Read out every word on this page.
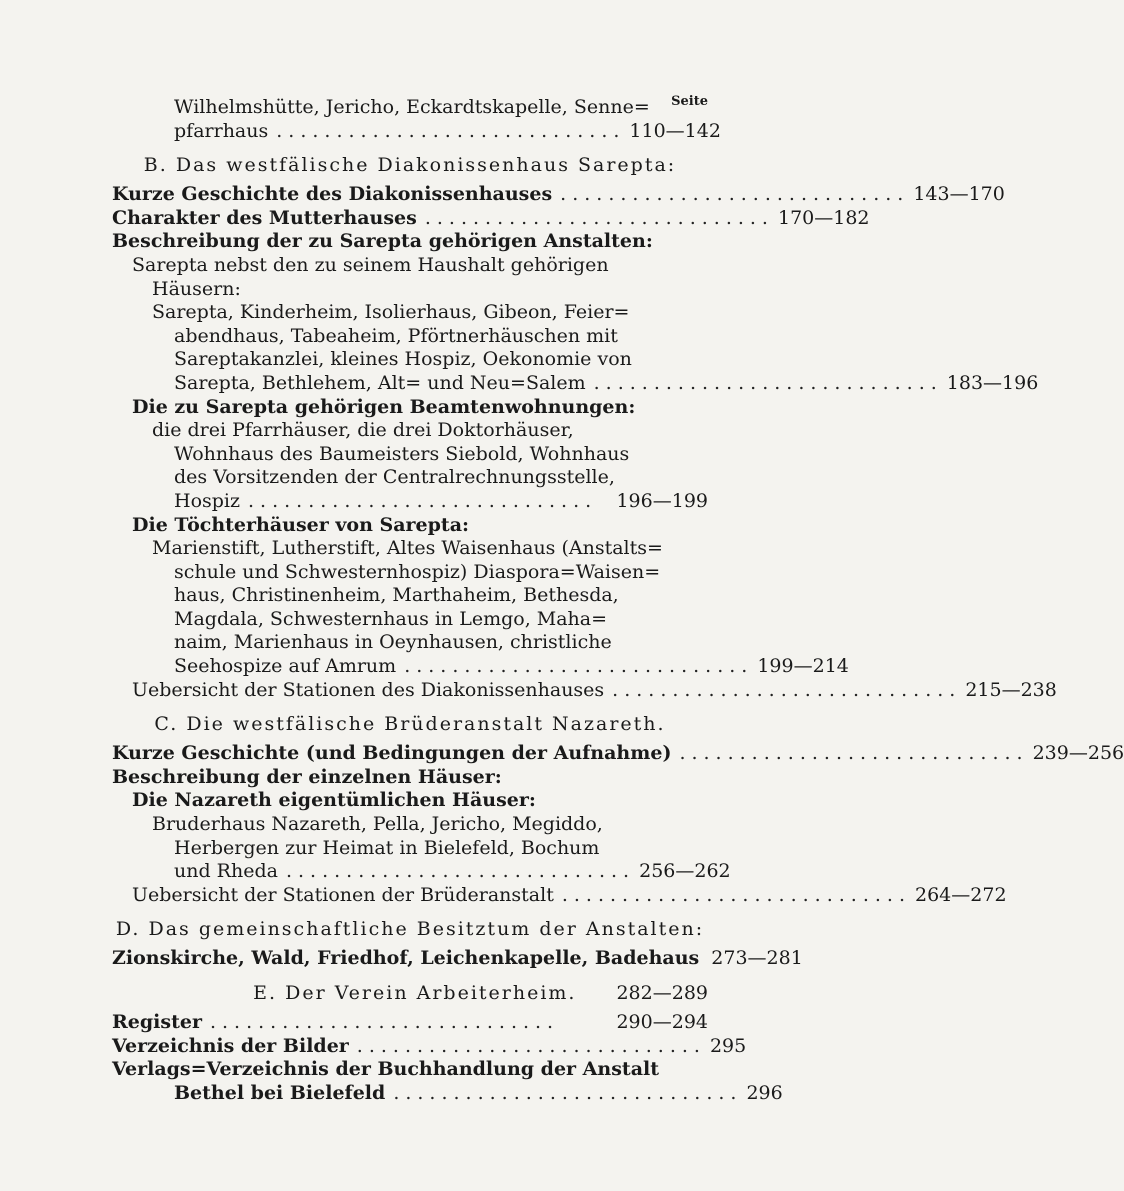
Seite
Wilhelmshütte, Jericho, Eckardtskapelle, Senne=
pfarrhaus ............................. 110—142
B. Das westfälische Diakonissenhaus Sarepta:
Kurze Geschichte des Diakonissenhauses ............................. 143—170
Charakter des Mutterhauses ............................. 170—182
Beschreibung der zu Sarepta gehörigen Anstalten:
Sarepta nebst den zu seinem Haushalt gehörigen
Häusern:
Sarepta, Kinderheim, Isolierhaus, Gibeon, Feier=
abendhaus, Tabeaheim, Pförtnerhäuschen mit
Sareptakanzlei, kleines Hospiz, Oekonomie von
Sarepta, Bethlehem, Alt= und Neu=Salem ............................. 183—196
Die zu Sarepta gehörigen Beamtenwohnungen:
die drei Pfarrhäuser, die drei Doktorhäuser,
Wohnhaus des Baumeisters Siebold, Wohnhaus
des Vorsitzenden der Centralrechnungsstelle,
Hospiz .............................	196—199
Die Töchterhäuser von Sarepta:
Marienstift, Lutherstift, Altes Waisenhaus (Anstalts=
schule und Schwesternhospiz) Diaspora=Waisen=
haus, Christinenheim, Marthaheim, Bethesda,
Magdala, Schwesternhaus in Lemgo, Maha=
naim, Marienhaus in Oeynhausen, christliche
Seehospize auf Amrum ............................. 199—214
Uebersicht der Stationen des Diakonissenhauses ............................. 215—238
C. Die westfälische Brüderanstalt Nazareth.
Kurze Geschichte (und Bedingungen der Aufnahme) ............................. 239—256
Beschreibung der einzelnen Häuser:
Die Nazareth eigentümlichen Häuser:
Bruderhaus Nazareth, Pella, Jericho, Megiddo,
Herbergen zur Heimat in Bielefeld, Bochum
und Rheda ............................. 256—262
Uebersicht der Stationen der Brüderanstalt ............................. 264—272
D. Das gemeinschaftliche Besitztum der Anstalten:
Zionskirche, Wald, Friedhof, Leichenkapelle, Badehaus 273—281
E. Der Verein Arbeiterheim. 282—289
Register .............................	290—294
Verzeichnis der Bilder ............................. 295
Verlags=Verzeichnis der Buchhandlung der Anstalt
Bethel bei Bielefeld ............................. 296
